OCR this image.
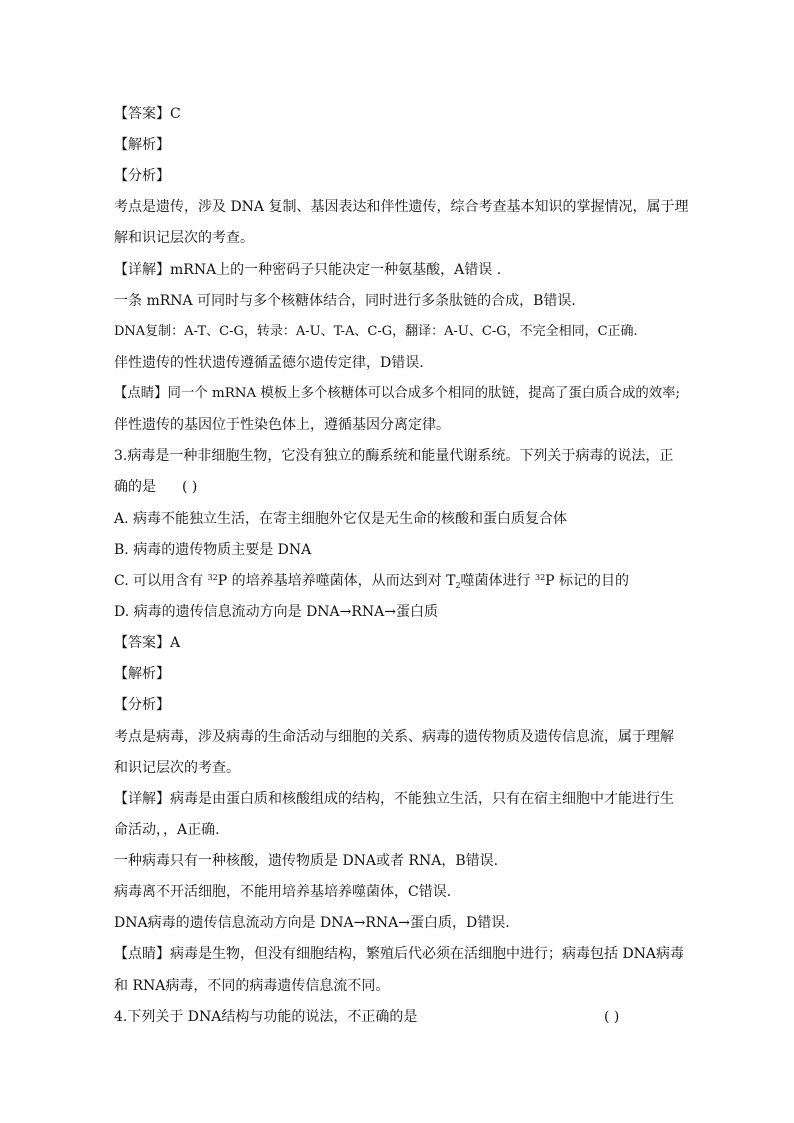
【答案】C
【解析】
【分析】
考点是遗传，涉及 DNA 复制、基因表达和伴性遗传，综合考查基本知识的掌握情况，属于理
解和识记层次的考查。
【详解】mRNA上的一种密码子只能决定一种氨基酸，A错误 .
一条 mRNA 可同时与多个核糖体结合，同时进行多条肽链的合成，B错误.
DNA复制：A-T、C-G，转录：A-U、T-A、C-G，翻译：A-U、C-G，不完全相同，C正确.
伴性遗传的性状遗传遵循孟德尔遗传定律，D错误.
【点睛】同一个 mRNA 模板上多个核糖体可以合成多个相同的肽链，提高了蛋白质合成的效率;
伴性遗传的基因位于性染色体上，遵循基因分离定律。
3.病毒是一种非细胞生物，它没有独立的酶系统和能量代谢系统。下列关于病毒的说法，正
确的是 ( )
A. 病毒不能独立生活，在寄主细胞外它仅是无生命的核酸和蛋白质复合体
B. 病毒的遗传物质主要是 DNA
C. 可以用含有 $^{32}$P 的培养基培养噬菌体，从而达到对 $T_2$噬菌体进行 $^{32}$P 标记的目的
D. 病毒的遗传信息流动方向是 DNA→RNA→蛋白质
【答案】A
【解析】
【分析】
考点是病毒，涉及病毒的生命活动与细胞的关系、病毒的遗传物质及遗传信息流，属于理解
和识记层次的考查。
【详解】病毒是由蛋白质和核酸组成的结构，不能独立生活，只有在宿主细胞中才能进行生
命活动，，A正确.
一种病毒只有一种核酸，遗传物质是 DNA或者 RNA，B错误.
病毒离不开活细胞，不能用培养基培养噬菌体，C错误.
DNA病毒的遗传信息流动方向是 DNA→RNA→蛋白质，D错误.
【点睛】病毒是生物，但没有细胞结构，繁殖后代必须在活细胞中进行；病毒包括 DNA病毒
和 RNA病毒，不同的病毒遗传信息流不同。
4.下列关于 DNA结构与功能的说法，不正确的是	( )
